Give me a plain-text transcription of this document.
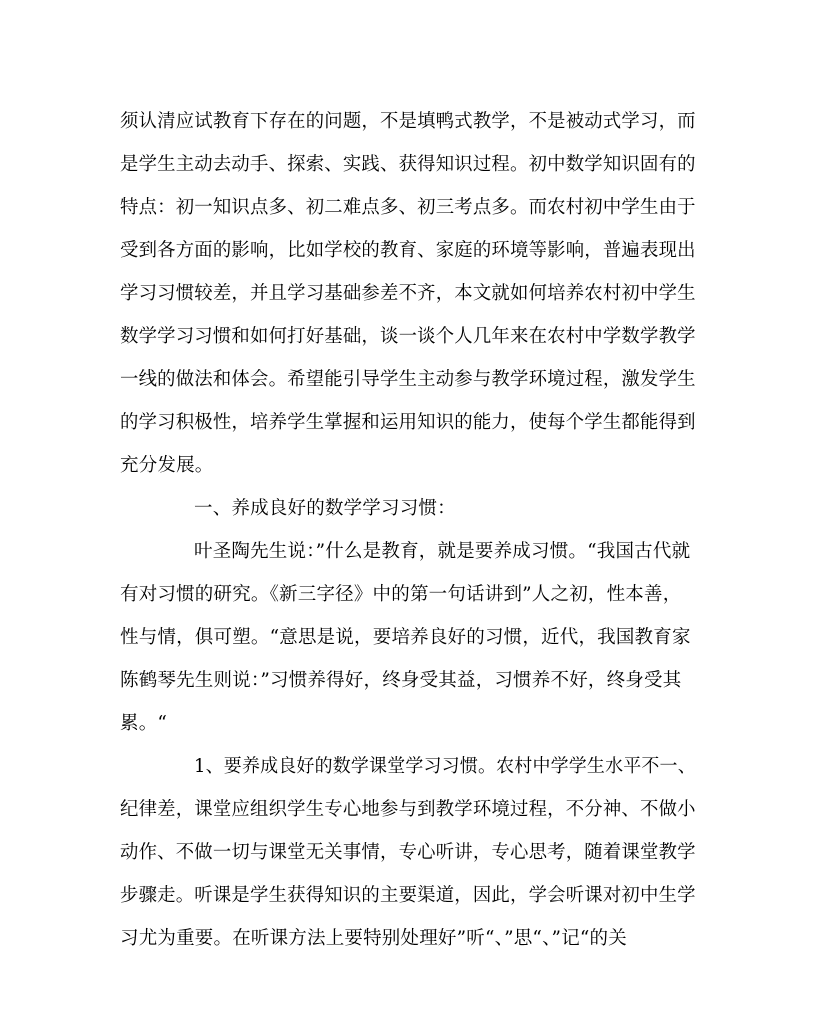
须认清应试教育下存在的问题，不是填鸭式教学，不是被动式学习，而
是学生主动去动手、探索、实践、获得知识过程。初中数学知识固有的
特点：初一知识点多、初二难点多、初三考点多。而农村初中学生由于
受到各方面的影响，比如学校的教育、家庭的环境等影响，普遍表现出
学习习惯较差，并且学习基础参差不齐，本文就如何培养农村初中学生
数学学习习惯和如何打好基础，谈一谈个人几年来在农村中学数学教学
一线的做法和体会。希望能引导学生主动参与教学环境过程，激发学生
的学习积极性，培养学生掌握和运用知识的能力，使每个学生都能得到
充分发展。
一、养成良好的数学学习习惯：
叶圣陶先生说：”什么是教育，就是要养成习惯。“我国古代就
有对习惯的研究。《新三字径》中的第一句话讲到”人之初，性本善，
性与情，俱可塑。“意思是说，要培养良好的习惯，近代，我国教育家
陈鹤琴先生则说：”习惯养得好，终身受其益，习惯养不好，终身受其
累。“
1、要养成良好的数学课堂学习习惯。农村中学学生水平不一、
纪律差，课堂应组织学生专心地参与到教学环境过程，不分神、不做小
动作、不做一切与课堂无关事情，专心听讲，专心思考，随着课堂教学
步骤走。听课是学生获得知识的主要渠道，因此，学会听课对初中生学
习尤为重要。在听课方法上要特别处理好”听“、”思“、”记“的关
